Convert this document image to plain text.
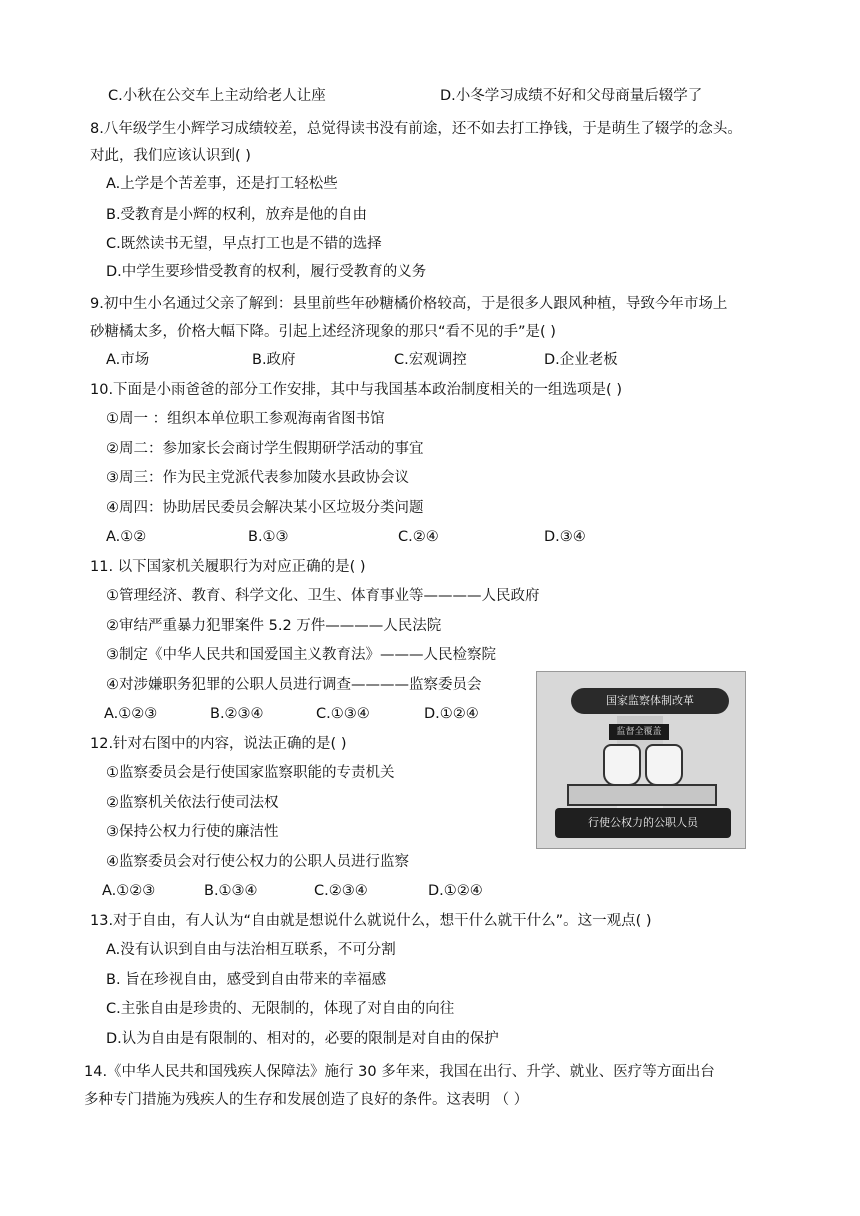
C.小秋在公交车上主动给老人让座	D.小冬学习成绩不好和父母商量后辍学了
8.八年级学生小辉学习成绩较差，总觉得读书没有前途，还不如去打工挣钱，于是萌生了辍学的念头。
对此，我们应该认识到( )
A.上学是个苦差事，还是打工轻松些
B.受教育是小辉的权利，放弃是他的自由
C.既然读书无望，早点打工也是不错的选择
D.中学生要珍惜受教育的权利，履行受教育的义务
9.初中生小名通过父亲了解到：县里前些年砂糖橘价格较高，于是很多人跟风种植，导致今年市场上
砂糖橘太多，价格大幅下降。引起上述经济现象的那只“看不见的手”是( )
A.市场	B.政府	C.宏观调控	D.企业老板
10.下面是小雨爸爸的部分工作安排，其中与我国基本政治制度相关的一组选项是( )
①周一 ：组织本单位职工参观海南省图书馆
②周二：参加家长会商讨学生假期研学活动的事宜
③周三：作为民主党派代表参加陵水县政协会议
④周四：协助居民委员会解决某小区垃圾分类问题
A.①②	B.①③	C.②④	D.③④
11. 以下国家机关履职行为对应正确的是( )
①管理经济、教育、科学文化、卫生、体育事业等————人民政府
②审结严重暴力犯罪案件 5.2 万件————人民法院
③制定《中华人民共和国爱国主义教育法》———人民检察院
④对涉嫌职务犯罪的公职人员进行调查————监察委员会
A.①②③	B.②③④	C.①③④	D.①②④
国家监察体制改革
监督全覆盖
行使公权力的公职人员
12.针对右图中的内容，说法正确的是( )
①监察委员会是行使国家监察职能的专责机关
②监察机关依法行使司法权
③保持公权力行使的廉洁性
④监察委员会对行使公权力的公职人员进行监察
A.①②③	B.①③④	C.②③④	D.①②④
13.对于自由，有人认为“自由就是想说什么就说什么，想干什么就干什么”。这一观点( )
A.没有认识到自由与法治相互联系，不可分割
B. 旨在珍视自由，感受到自由带来的幸福感
C.主张自由是珍贵的、无限制的，体现了对自由的向往
D.认为自由是有限制的、相对的，必要的限制是对自由的保护
14.《中华人民共和国残疾人保障法》施行 30 多年来，我国在出行、升学、就业、医疗等方面出台
多种专门措施为残疾人的生存和发展创造了良好的条件。这表明 （ ）
